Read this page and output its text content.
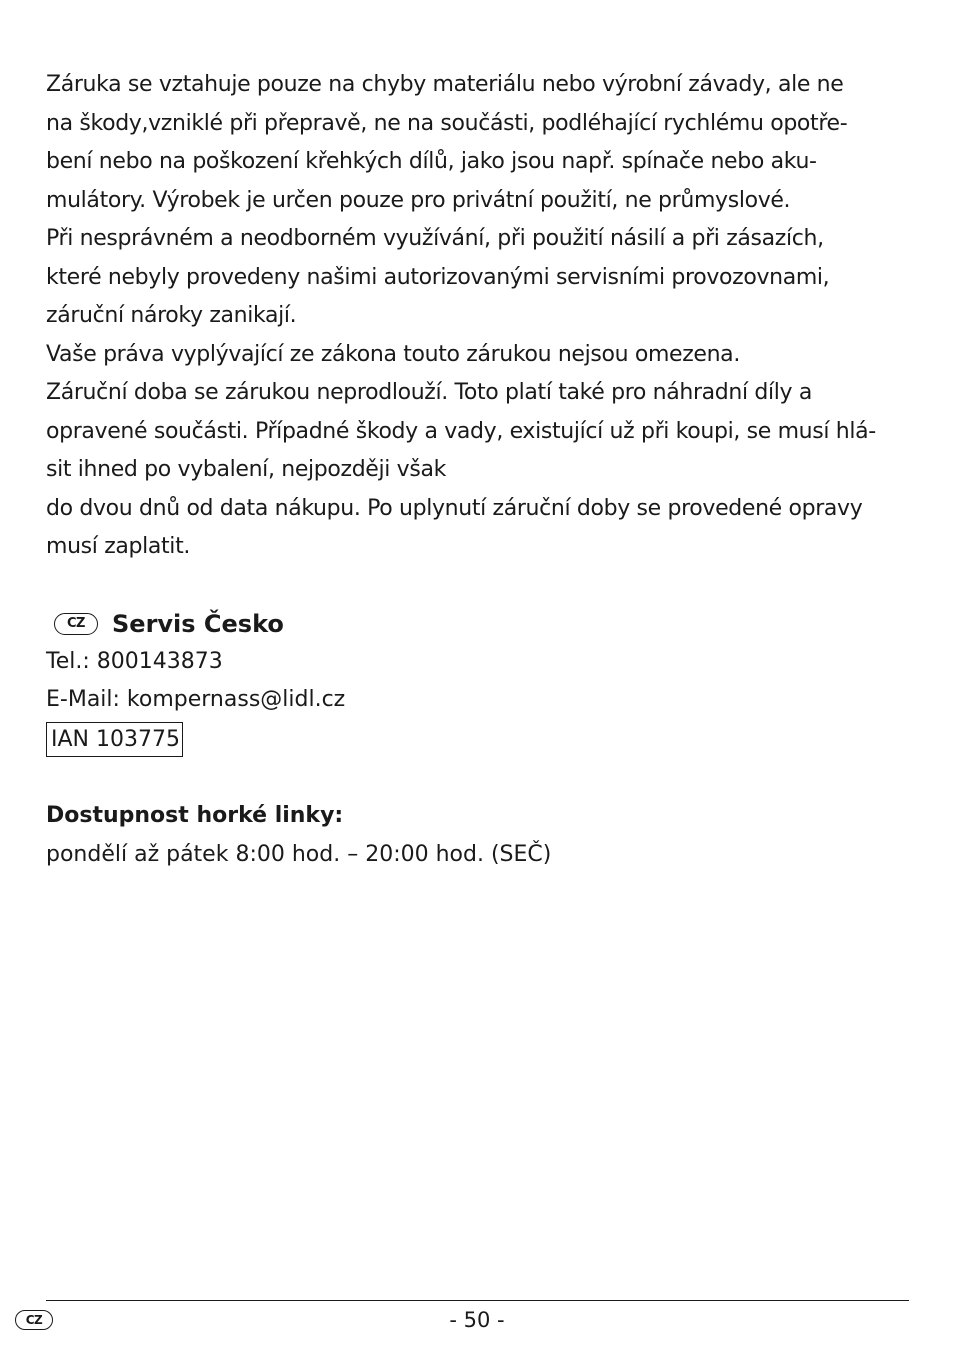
Záruka se vztahuje pouze na chyby materiálu nebo výrobní závady, ale ne
na škody,vzniklé při přepravě, ne na součásti, podléhající rychlému opotře-
bení nebo na poškození křehkých dílů, jako jsou např. spínače nebo aku-
mulátory. Výrobek je určen pouze pro privátní použití, ne průmyslové.
Při nesprávném a neodborném využívání, při použití násilí a při zásazích,
které nebyly provedeny našimi autorizovanými servisními provozovnami,
záruční nároky zanikají.
Vaše práva vyplývající ze zákona touto zárukou nejsou omezena.
Záruční doba se zárukou neprodlouží. Toto platí také pro náhradní díly a
opravené součásti. Případné škody a vady, existující už při koupi, se musí hlá-
sit ihned po vybalení, nejpozději však
do dvou dnů od data nákupu. Po uplynutí záruční doby se provedené opravy
musí zaplatit.

CZ	Servis Česko

Tel.: 800143873

E-Mail: kompernass@lidl.cz

IAN 103775

Dostupnost horké linky:

pondělí až pátek 8:00 hod. – 20:00 hod. (SEČ)

CZ	- 50 -
